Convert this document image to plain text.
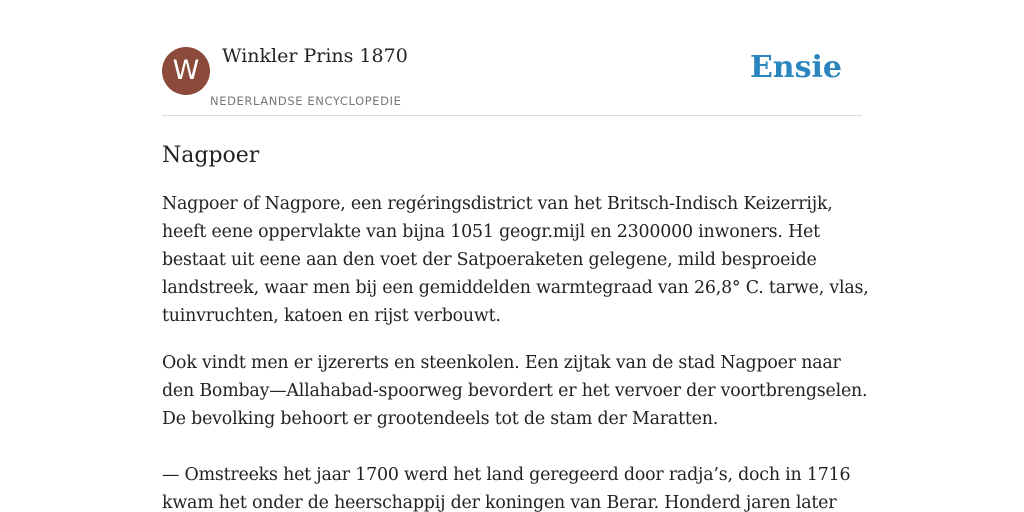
W	Winkler Prins 1870
NEDERLANDSE ENCYCLOPEDIE
Ensie
Nagpoer

Nagpoer of Nagpore, een regéringsdistrict van het Britsch-Indisch Keizerrijk,
heeft eene oppervlakte van bijna 1051 geogr.mijl en 2300000 inwoners. Het
bestaat uit eene aan den voet der Satpoeraketen gelegene, mild besproeide
landstreek, waar men bij een gemiddelden warmtegraad van 26,8° C. tarwe, vlas,
tuinvruchten, katoen en rijst verbouwt.

Ook vindt men er ijzererts en steenkolen. Een zijtak van de stad Nagpoer naar
den Bombay—Allahabad-spoorweg bevordert er het vervoer der voortbrengselen.
De bevolking behoort er grootendeels tot de stam der Maratten.

— Omstreeks het jaar 1700 werd het land geregeerd door radja’s, doch in 1716
kwam het onder de heerschappij der koningen van Berar. Honderd jaren later
